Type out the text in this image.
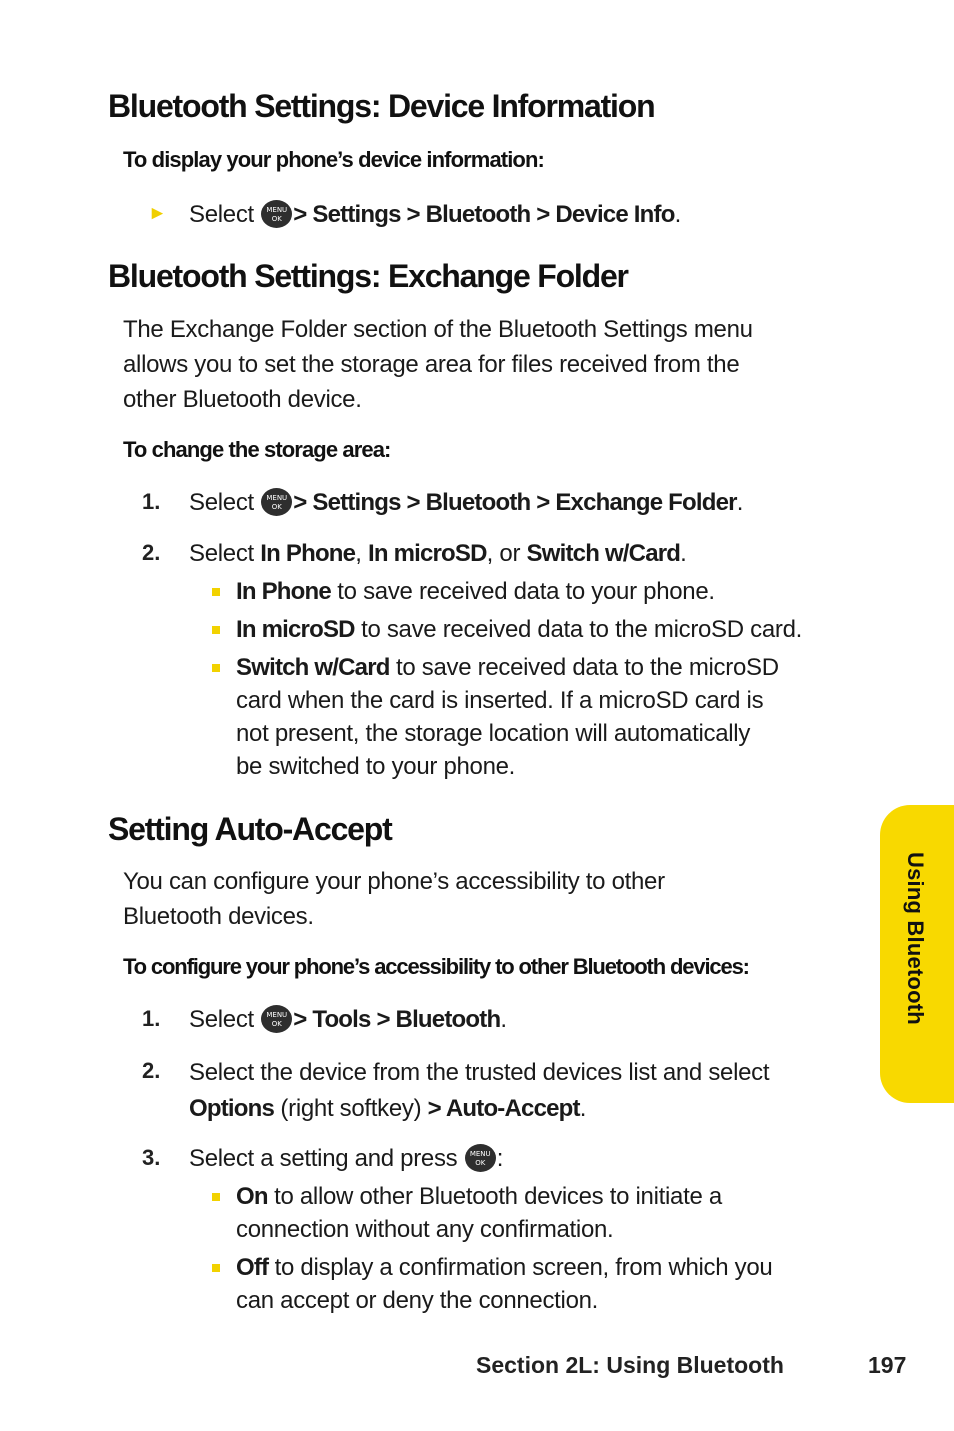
Bluetooth Settings: Device Information
To display your phone’s device information:
► Select	MENU
OK > Settings > Bluetooth > Device Info.
Bluetooth Settings: Exchange Folder
The Exchange Folder section of the Bluetooth Settings menu
allows you to set the storage area for files received from the
other Bluetooth device.
To change the storage area:
1. Select	MENU
OK > Settings > Bluetooth > Exchange Folder.
2. Select In Phone, In microSD, or Switch w/Card.
In Phone to save received data to your phone.
In microSD to save received data to the microSD card.
Switch w/Card to save received data to the microSD
card when the card is inserted. If a microSD card is
not present, the storage location will automatically
be switched to your phone.
Setting Auto-Accept
You can configure your phone’s accessibility to other
Bluetooth devices.
To configure your phone’s accessibility to other Bluetooth devices:
1. Select	MENU
OK > Tools > Bluetooth.
2. Select the device from the trusted devices list and select
Options (right softkey) > Auto-Accept.
3. Select a setting and press	MENU
OK :
On to allow other Bluetooth devices to initiate a
connection without any confirmation.
Off to display a confirmation screen, from which you
can accept or deny the connection.
Using Bluetooth
Section 2L: Using Bluetooth	197
